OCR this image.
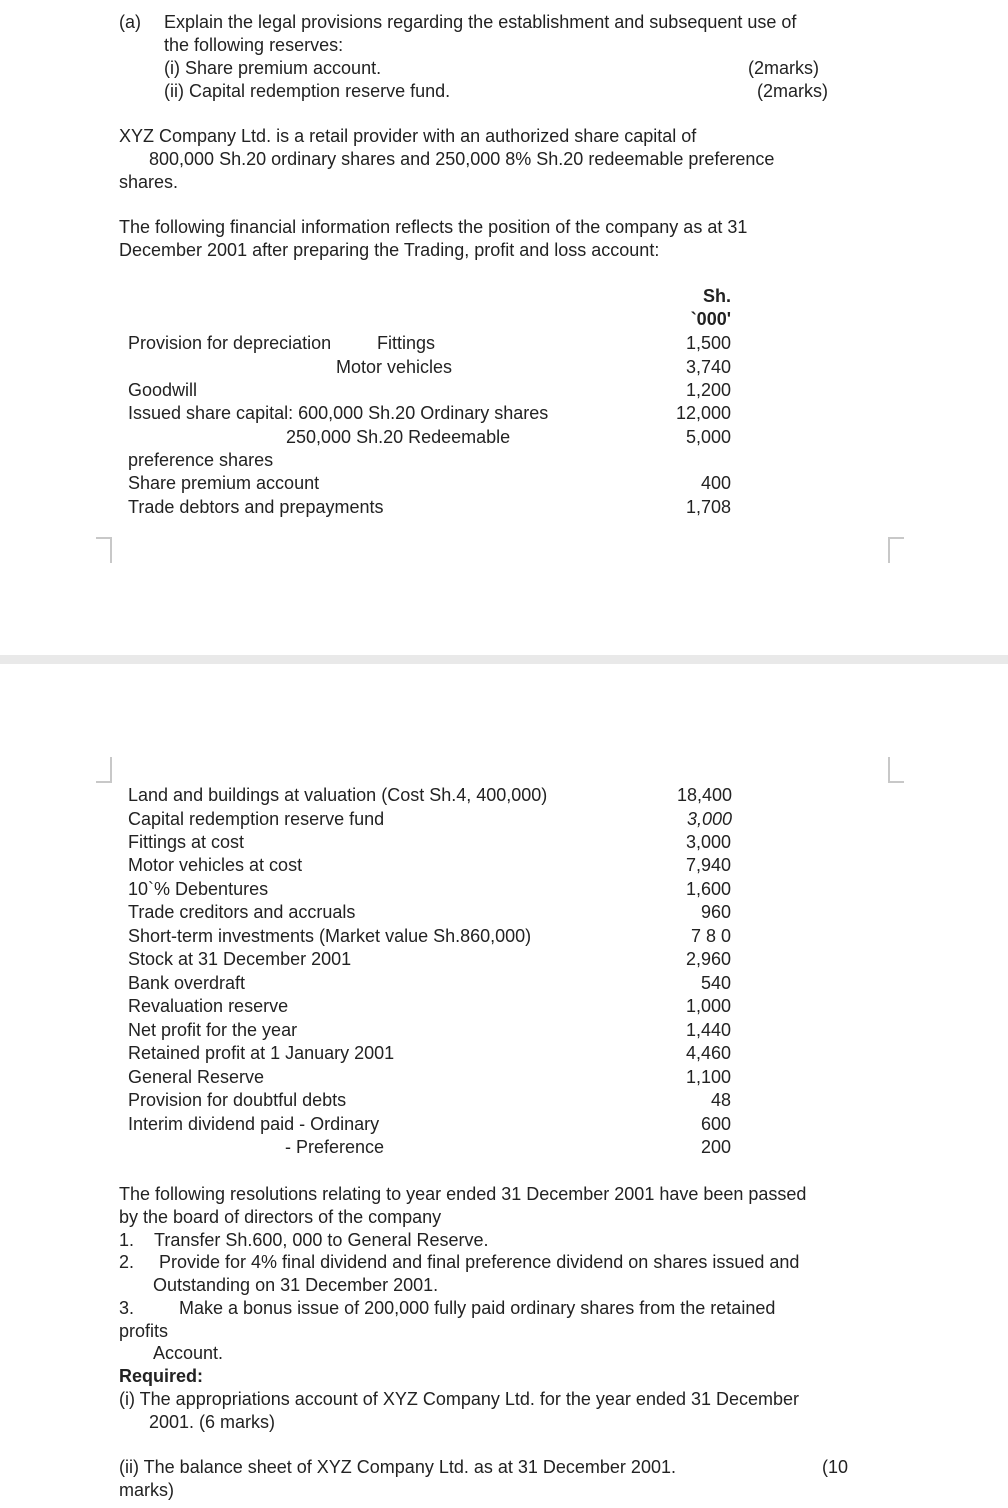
(a) Explain the legal provisions regarding the establishment and subsequent use of
the following reserves:
(i) Share premium account.	(2marks)
(ii) Capital redemption reserve fund.	(2marks)
XYZ Company Ltd. is a retail provider with an authorized share capital of
800,000 Sh.20 ordinary shares and 250,000 8% Sh.20 redeemable preference
shares.
The following financial information reflects the position of the company as at 31
December 2001 after preparing the Trading, profit and loss account:
Sh.
`000'
Provision for depreciation	Fittings	1,500
Motor vehicles	3,740
Goodwill	1,200
Issued share capital: 600,000 Sh.20 Ordinary shares	12,000
250,000 Sh.20 Redeemable	5,000
preference shares
Share premium account	400
Trade debtors and prepayments	1,708
Land and buildings at valuation (Cost Sh.4, 400,000)	18,400
Capital redemption reserve fund	3,000
Fittings at cost	3,000
Motor vehicles at cost	7,940
10`% Debentures	1,600
Trade creditors and accruals	960
Short-term investments (Market value Sh.860,000)	7 8 0
Stock at 31 December 2001	2,960
Bank overdraft	540
Revaluation reserve	1,000
Net profit for the year	1,440
Retained profit at 1 January 2001	4,460
General Reserve	1,100
Provision for doubtful debts	48
Interim dividend paid - Ordinary	600
- Preference	200
The following resolutions relating to year ended 31 December 2001 have been passed
by the board of directors of the company
1. Transfer Sh.600, 000 to General Reserve.
2. Provide for 4% final dividend and final preference dividend on shares issued and
Outstanding on 31 December 2001.
3. Make a bonus issue of 200,000 fully paid ordinary shares from the retained
profits
Account.
Required:
(i) The appropriations account of XYZ Company Ltd. for the year ended 31 December
2001. (6 marks)
(ii) The balance sheet of XYZ Company Ltd. as at 31 December 2001.	(10
marks)
